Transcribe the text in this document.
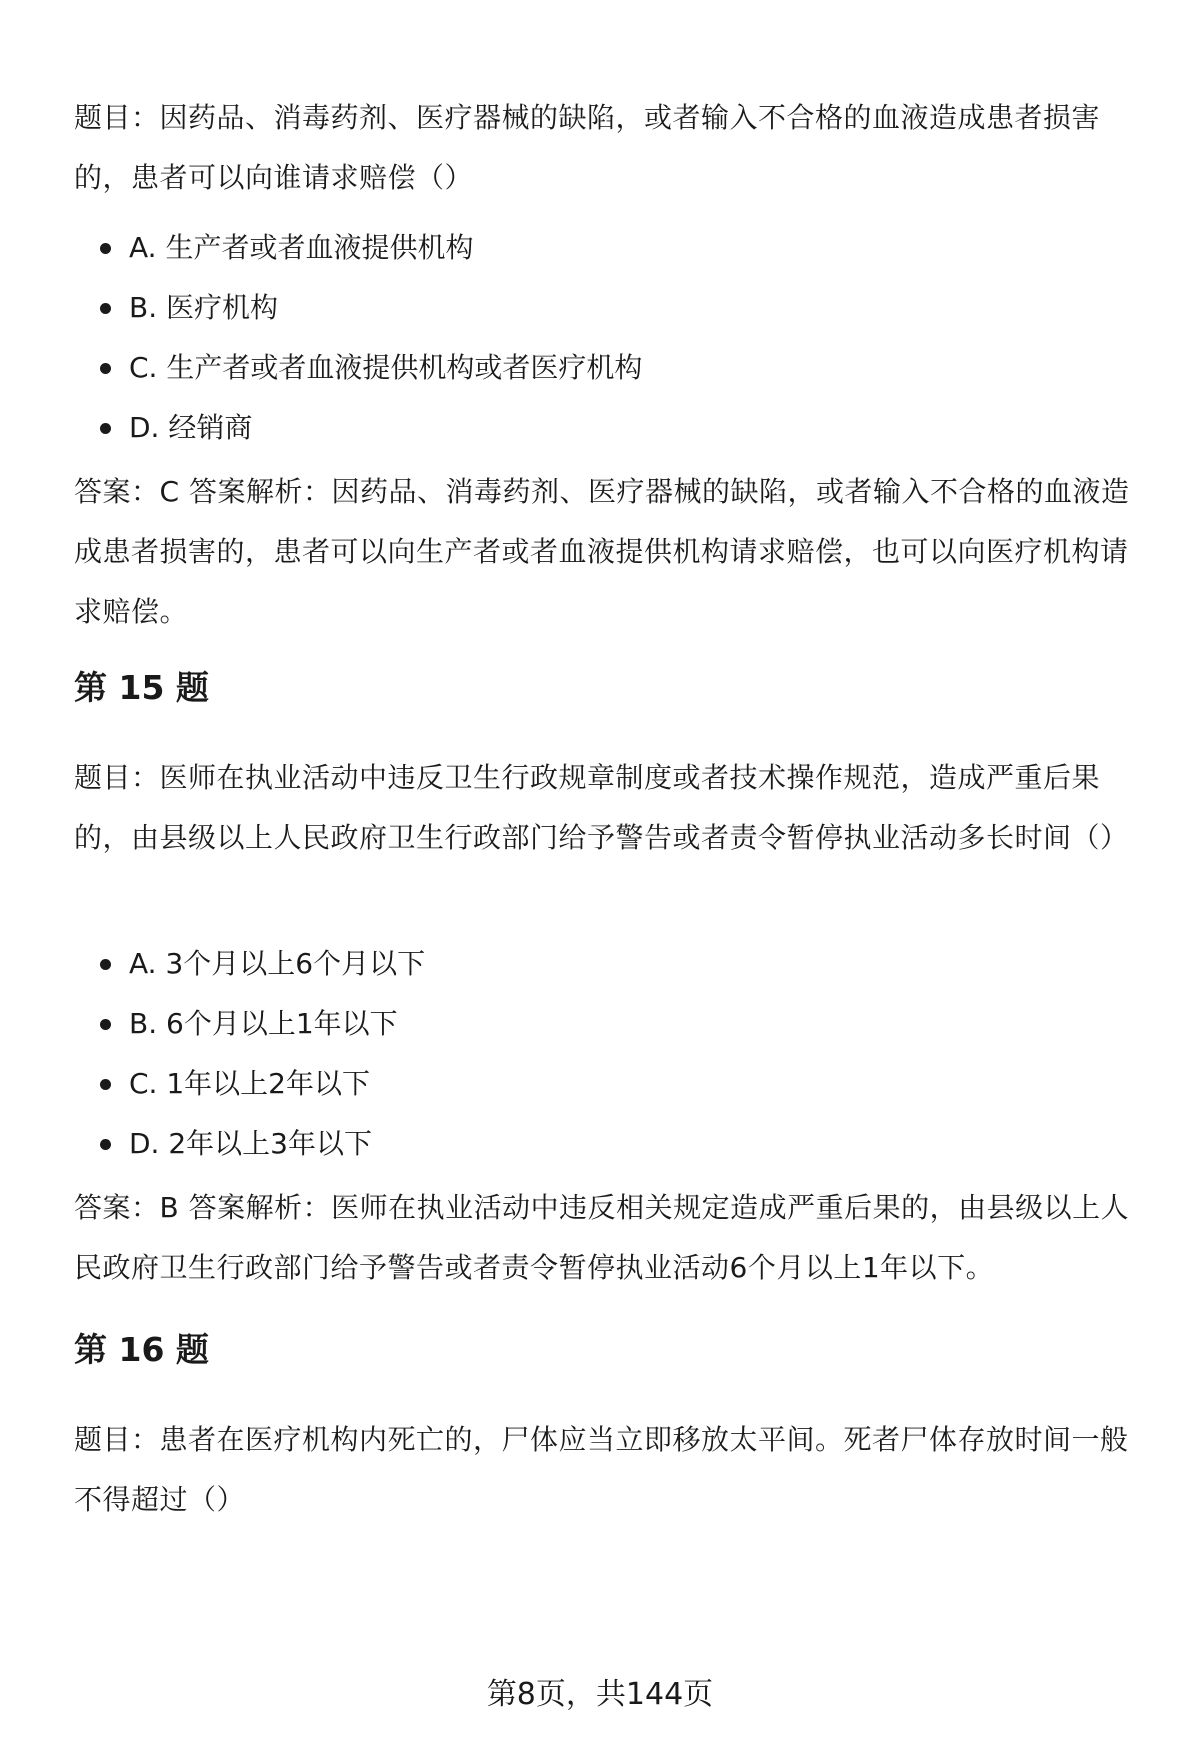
题目：因药品、消毒药剂、医疗器械的缺陷，或者输入不合格的血液造成患者损害的，患者可以向谁请求赔偿（）

A. 生产者或者血液提供机构
B. 医疗机构
C. 生产者或者血液提供机构或者医疗机构
D. 经销商

答案：C 答案解析：因药品、消毒药剂、医疗器械的缺陷，或者输入不合格的血液造成患者损害的，患者可以向生产者或者血液提供机构请求赔偿，也可以向医疗机构请求赔偿。

第 15 题

题目：医师在执业活动中违反卫生行政规章制度或者技术操作规范，造成严重后果的，由县级以上人民政府卫生行政部门给予警告或者责令暂停执业活动多长时间（）

A. 3个月以上6个月以下
B. 6个月以上1年以下
C. 1年以上2年以下
D. 2年以上3年以下

答案：B 答案解析：医师在执业活动中违反相关规定造成严重后果的，由县级以上人民政府卫生行政部门给予警告或者责令暂停执业活动6个月以上1年以下。

第 16 题

题目：患者在医疗机构内死亡的，尸体应当立即移放太平间。死者尸体存放时间一般不得超过（）

第8页，共144页
